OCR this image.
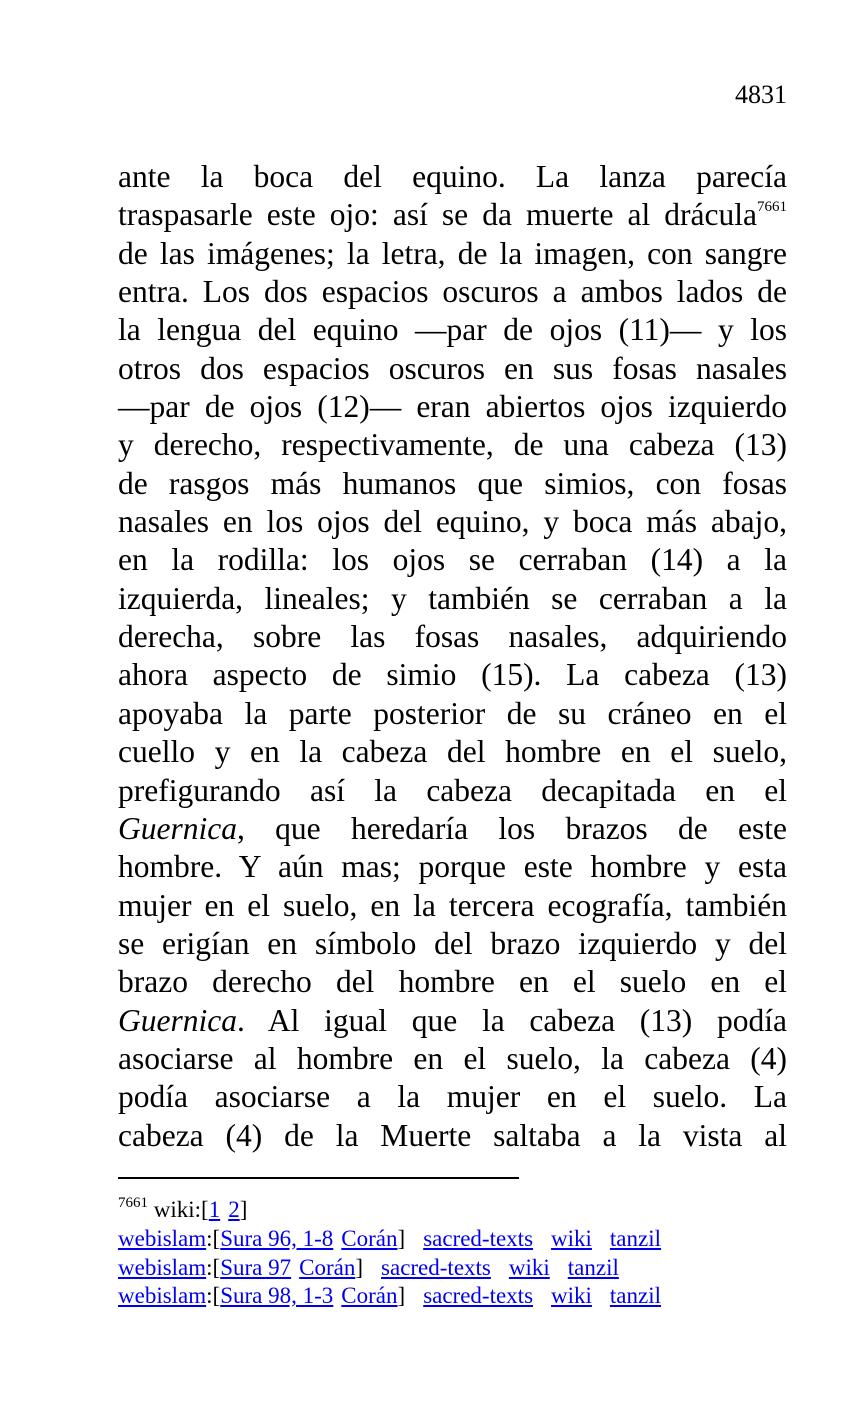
4831
ante la boca del equino. La lanza parecía
traspasarle este ojo: así se da muerte al drácula$^{7661}$
de las imágenes; la letra, de la imagen, con sangre
entra. Los dos espacios oscuros a ambos lados de
la lengua del equino —par de ojos (11)— y los
otros dos espacios oscuros en sus fosas nasales
—par de ojos (12)— eran abiertos ojos izquierdo
y derecho, respectivamente, de una cabeza (13)
de rasgos más humanos que simios, con fosas
nasales en los ojos del equino, y boca más abajo,
en la rodilla: los ojos se cerraban (14) a la
izquierda, lineales; y también se cerraban a la
derecha, sobre las fosas nasales, adquiriendo
ahora aspecto de simio (15). La cabeza (13)
apoyaba la parte posterior de su cráneo en el
cuello y en la cabeza del hombre en el suelo,
prefigurando así la cabeza decapitada en el
Guernica, que heredaría los brazos de este
hombre. Y aún mas; porque este hombre y esta
mujer en el suelo, en la tercera ecografía, también
se erigían en símbolo del brazo izquierdo y del
brazo derecho del hombre en el suelo en el
Guernica. Al igual que la cabeza (13) podía
asociarse al hombre en el suelo, la cabeza (4)
podía asociarse a la mujer en el suelo. La
cabeza (4) de la Muerte saltaba a la vista al
$^{7661}$ wiki:[1 2]
webislam:[Sura 96, 1-8 Corán] sacred-texts wiki tanzil
webislam:[Sura 97 Corán] sacred-texts wiki tanzil
webislam:[Sura 98, 1-3 Corán] sacred-texts wiki tanzil
